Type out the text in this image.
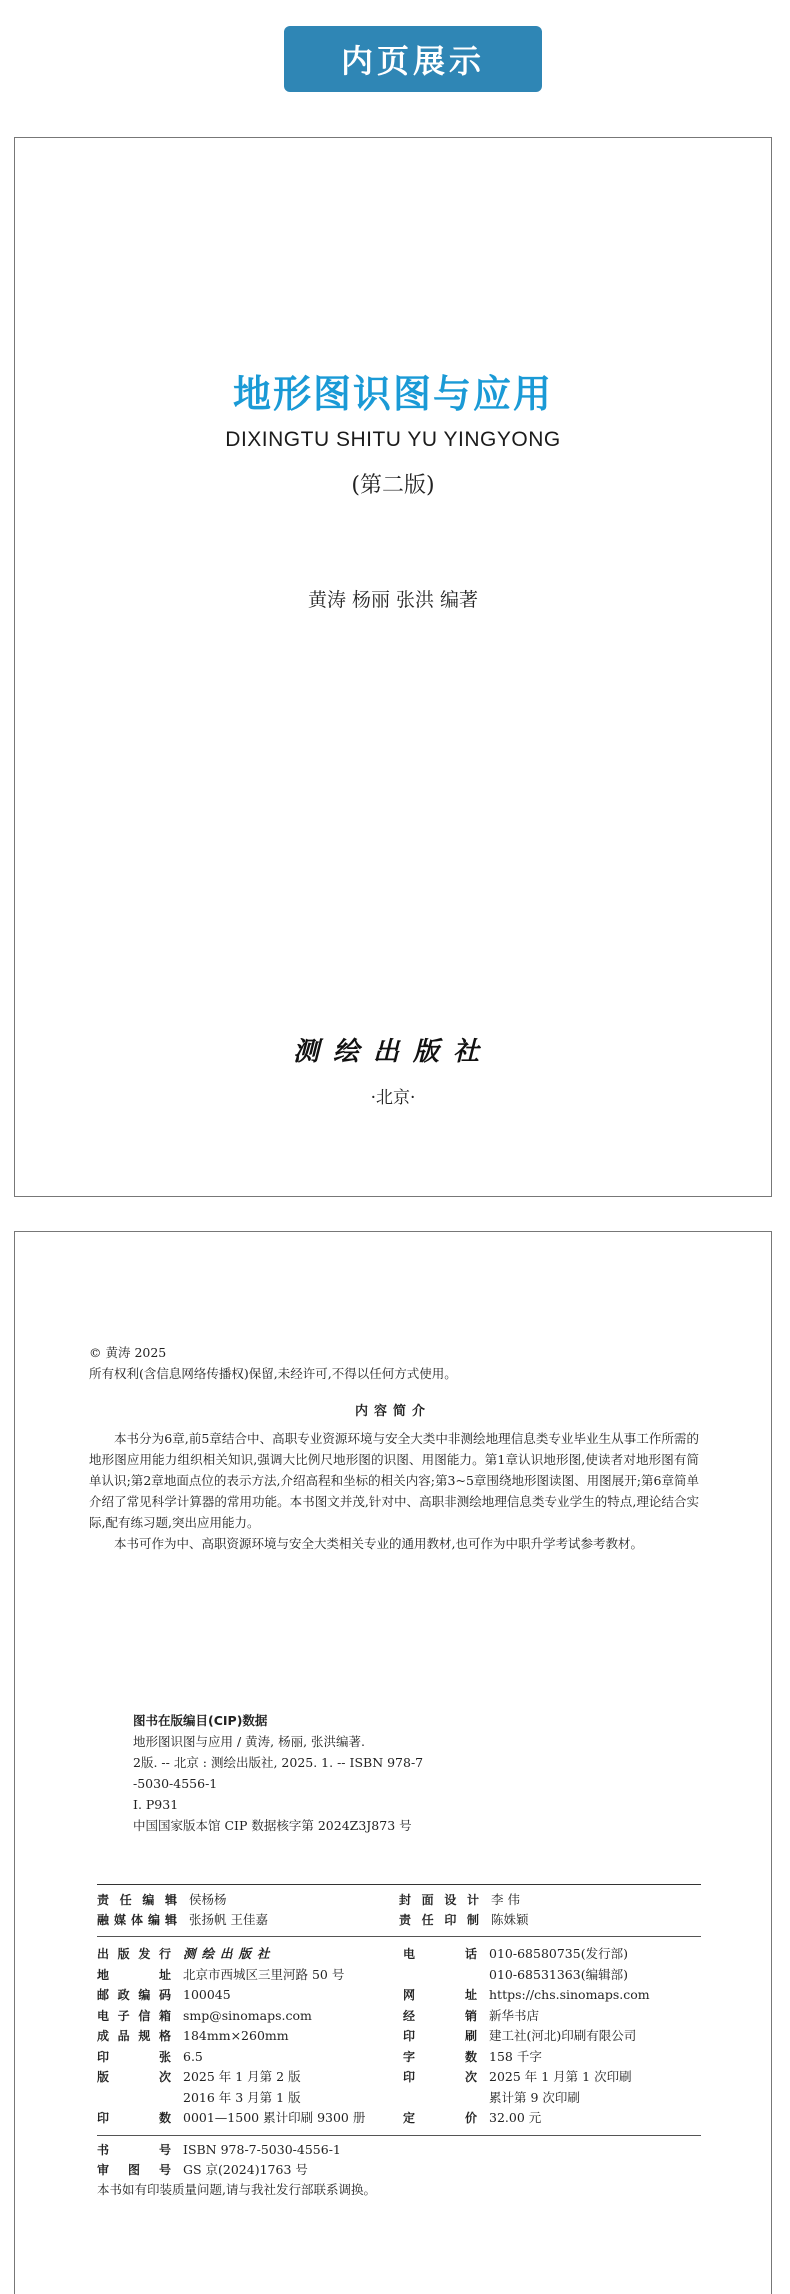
内页展示
地形图识图与应用
DIXINGTU SHITU YU YINGYONG
(第二版)
黄涛 杨丽 张洪 编著
测绘出版社
·北京·
© 黄涛 2025
所有权利(含信息网络传播权)保留,未经许可,不得以任何方式使用。
内容简介

本书分为6章,前5章结合中、高职专业资源环境与安全大类中非测绘地理信息类专业毕业生从事工作所需的地形图应用能力组织相关知识,强调大比例尺地形图的识图、用图能力。第1章认识地形图,使读者对地形图有简单认识;第2章地面点位的表示方法,介绍高程和坐标的相关内容;第3~5章围绕地形图读图、用图展开;第6章简单介绍了常见科学计算器的常用功能。本书图文并茂,针对中、高职非测绘地理信息类专业学生的特点,理论结合实际,配有练习题,突出应用能力。

本书可作为中、高职资源环境与安全大类相关专业的通用教材,也可作为中职升学考试参考教材。

图书在版编目(CIP)数据
地形图识图与应用 / 黄涛, 杨丽, 张洪编著.
2版. -- 北京 : 测绘出版社, 2025. 1. -- ISBN 978-7
-5030-4556-1
Ⅰ. P931
中国国家版本馆 CIP 数据核字第 2024Z3J873 号
责任编辑 侯杨杨	封面设计 李 伟
融媒体编辑 张扬帆 王佳嘉	责任印制 陈姝颖
出版发行 测绘出版社
地 址 北京市西城区三里河路 50 号
邮政编码 100045
电子信箱 smp@sinomaps.com
成品规格 184mm×260mm
印 张 6.5
版 次 2025 年 1 月第 2 版
2016 年 3 月第 1 版
印 数 0001—1500 累计印刷 9300 册
电 话 010-68580735(发行部)
010-68531363(编辑部)
网 址 https://chs.sinomaps.com
经 销 新华书店
印 刷 建工社(河北)印刷有限公司
字 数 158 千字
印 次 2025 年 1 月第 1 次印刷
累计第 9 次印刷
定 价 32.00 元
书 号 ISBN 978-7-5030-4556-1
审 图 号 GS 京(2024)1763 号
本书如有印装质量问题,请与我社发行部联系调换。
